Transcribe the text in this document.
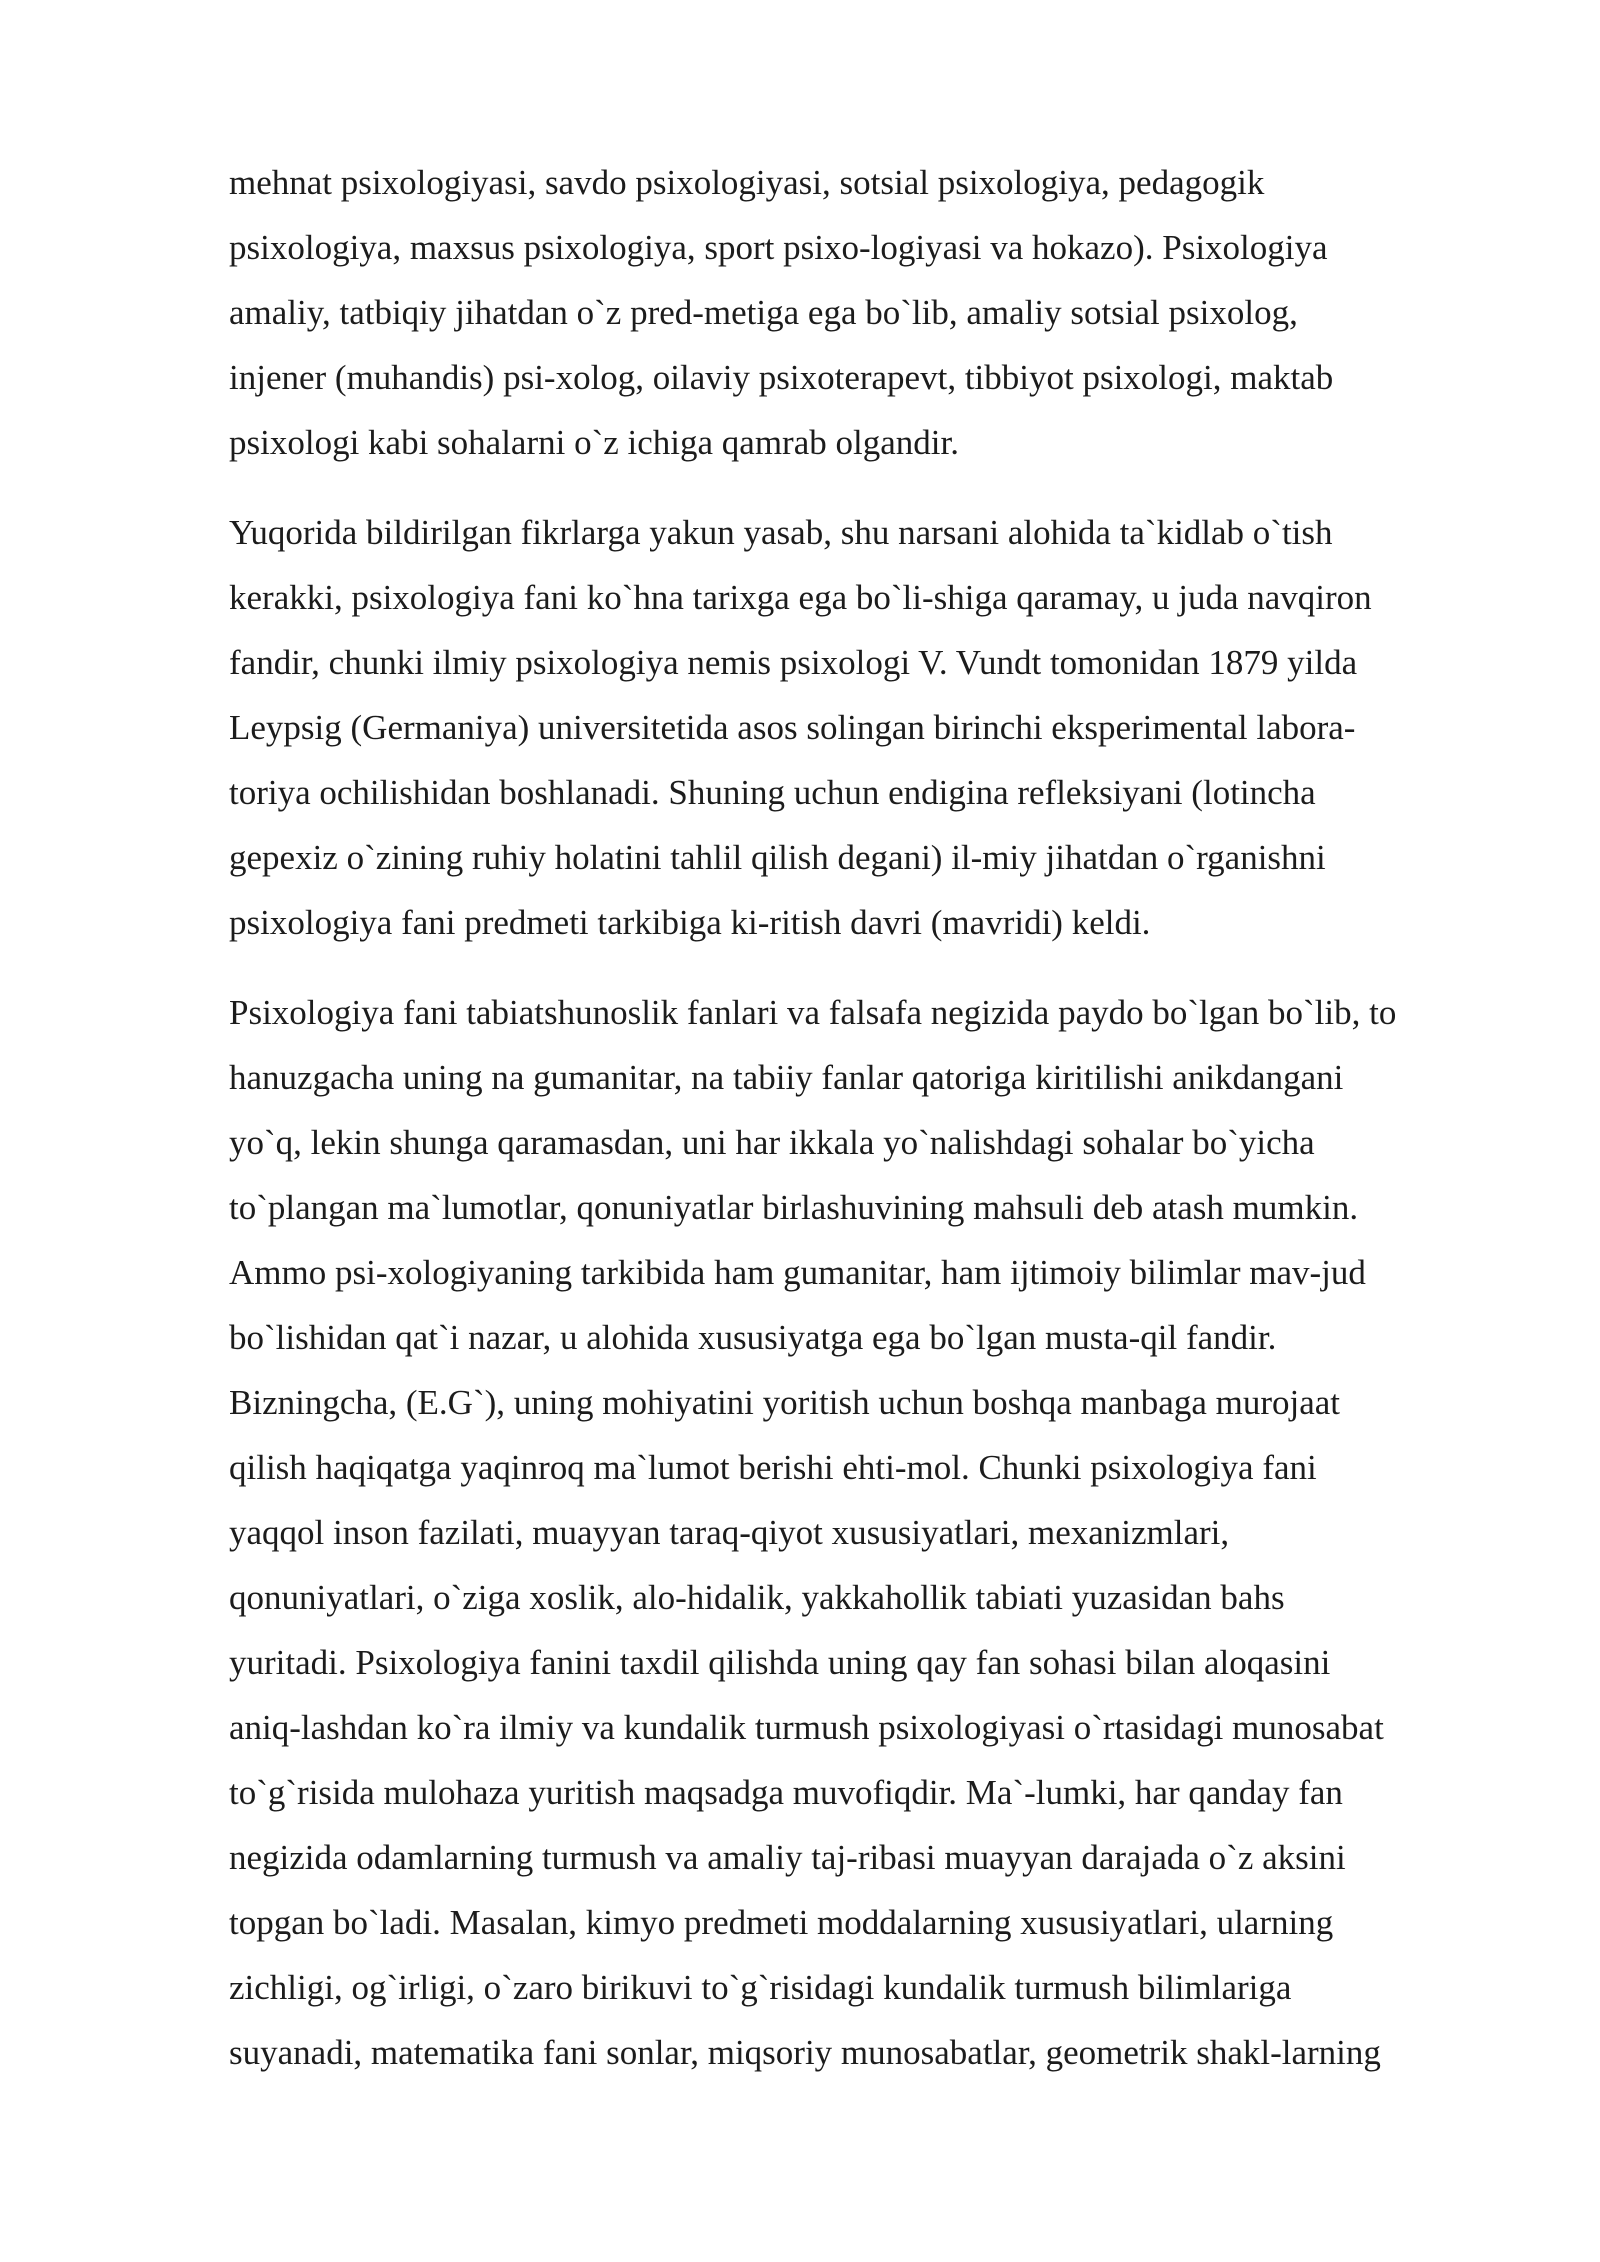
mehnat psixologiyasi, savdo psixologiyasi, sotsial psixologiya, pedagogik
psixologiya, maxsus psixologiya, sport psixo-logiyasi va hokazo). Psixologiya
amaliy, tatbiqiy jihatdan o`z pred-metiga ega bo`lib, amaliy sotsial psixolog,
injener (muhandis) psi-xolog, oilaviy psixoterapevt, tibbiyot psixologi, maktab
psixologi kabi sohalarni o`z ichiga qamrab olgandir.

Yuqorida bildirilgan fikrlarga yakun yasab, shu narsani alohida ta`kidlab o`tish
kerakki, psixologiya fani ko`hna tarixga ega bo`li-shiga qaramay, u juda navqiron
fandir, chunki ilmiy psixologiya nemis psixologi V. Vundt tomonidan 1879 yilda
Leypsig (Germaniya) universitetida asos solingan birinchi eksperimental labora-
toriya ochilishidan boshlanadi. Shuning uchun endigina refleksiyani (lotincha
gepexiz o`zining ruhiy holatini tahlil qilish degani) il-miy jihatdan o`rganishni
psixologiya fani predmeti tarkibiga ki-ritish davri (mavridi) keldi.

Psixologiya fani tabiatshunoslik fanlari va falsafa negizida paydo bo`lgan bo`lib, to
hanuzgacha uning na gumanitar, na tabiiy fanlar qatoriga kiritilishi anikdangani
yo`q, lekin shunga qaramasdan, uni har ikkala yo`nalishdagi sohalar bo`yicha
to`plangan ma`lumotlar, qonuniyatlar birlashuvining mahsuli deb atash mumkin.
Ammo psi-xologiyaning tarkibida ham gumanitar, ham ijtimoiy bilimlar mav-jud
bo`lishidan qat`i nazar, u alohida xususiyatga ega bo`lgan musta-qil fandir.
Bizningcha, (E.G`), uning mohiyatini yoritish uchun boshqa manbaga murojaat
qilish haqiqatga yaqinroq ma`lumot berishi ehti-mol. Chunki psixologiya fani
yaqqol inson fazilati, muayyan taraq-qiyot xususiyatlari, mexanizmlari,
qonuniyatlari, o`ziga xoslik, alo-hidalik, yakkahollik tabiati yuzasidan bahs
yuritadi. Psixologiya fanini taxdil qilishda uning qay fan sohasi bilan aloqasini
aniq-lashdan ko`ra ilmiy va kundalik turmush psixologiyasi o`rtasidagi munosabat
to`g`risida mulohaza yuritish maqsadga muvofiqdir. Ma`-lumki, har qanday fan
negizida odamlarning turmush va amaliy taj-ribasi muayyan darajada o`z aksini
topgan bo`ladi. Masalan, kimyo predmeti moddalarning xususiyatlari, ularning
zichligi, og`irligi, o`zaro birikuvi to`g`risidagi kundalik turmush bilimlariga
suyanadi, matematika fani sonlar, miqsoriy munosabatlar, geometrik shakl-larning
